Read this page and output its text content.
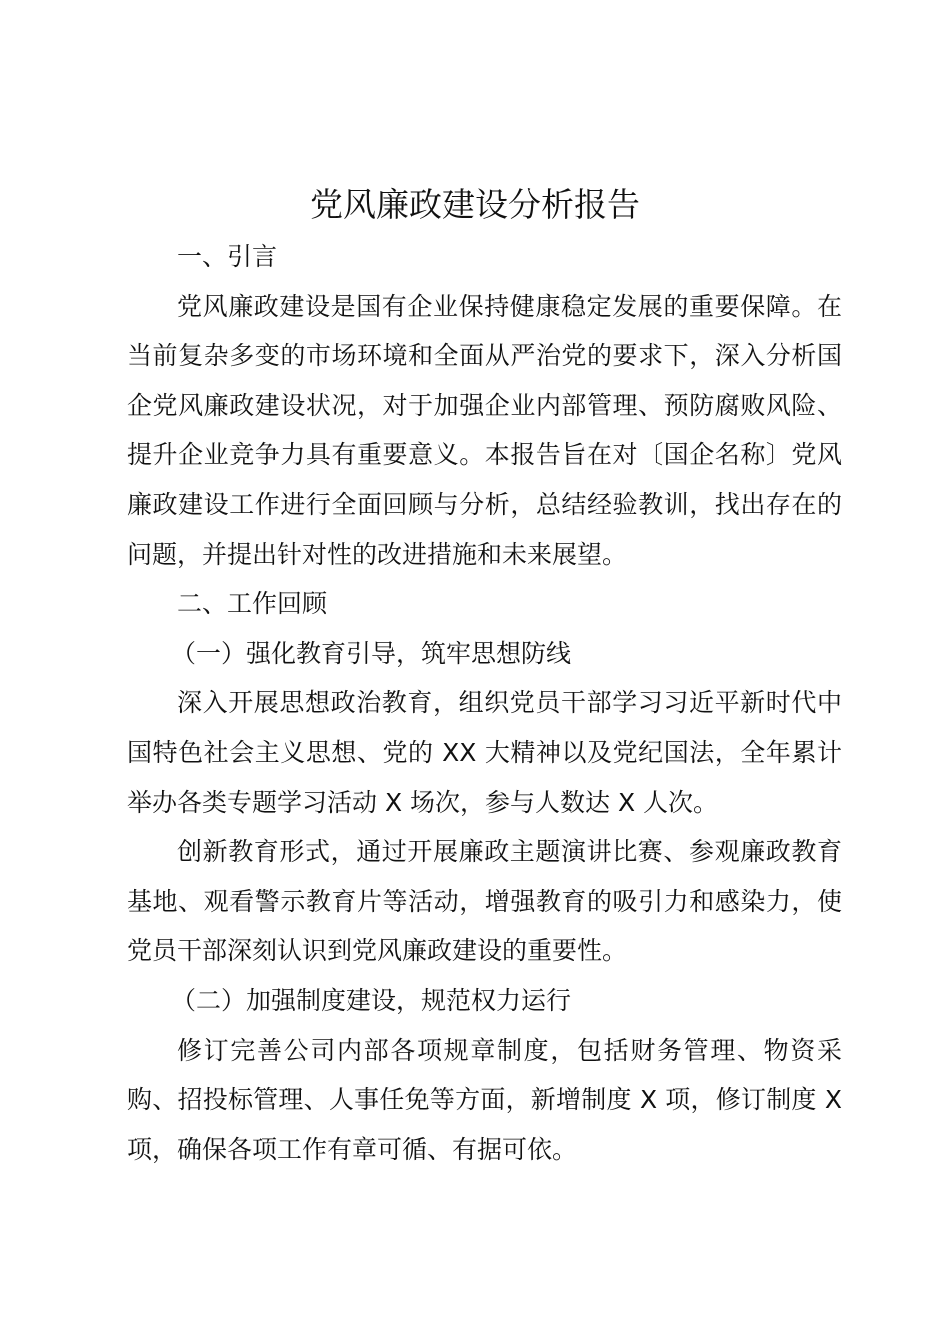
党风廉政建设分析报告

一、引言

党风廉政建设是国有企业保持健康稳定发展的重要保障。在当前复杂多变的市场环境和全面从严治党的要求下，深入分析国企党风廉政建设状况，对于加强企业内部管理、预防腐败风险、提升企业竞争力具有重要意义。本报告旨在对〔国企名称〕党风廉政建设工作进行全面回顾与分析，总结经验教训，找出存在的问题，并提出针对性的改进措施和未来展望。

二、工作回顾

（一）强化教育引导，筑牢思想防线

深入开展思想政治教育，组织党员干部学习习近平新时代中国特色社会主义思想、党的 XX 大精神以及党纪国法，全年累计举办各类专题学习活动 X 场次，参与人数达 X 人次。

创新教育形式，通过开展廉政主题演讲比赛、参观廉政教育基地、观看警示教育片等活动，增强教育的吸引力和感染力，使党员干部深刻认识到党风廉政建设的重要性。

（二）加强制度建设，规范权力运行

修订完善公司内部各项规章制度，包括财务管理、物资采购、招投标管理、人事任免等方面，新增制度 X 项，修订制度 X 项，确保各项工作有章可循、有据可依。
